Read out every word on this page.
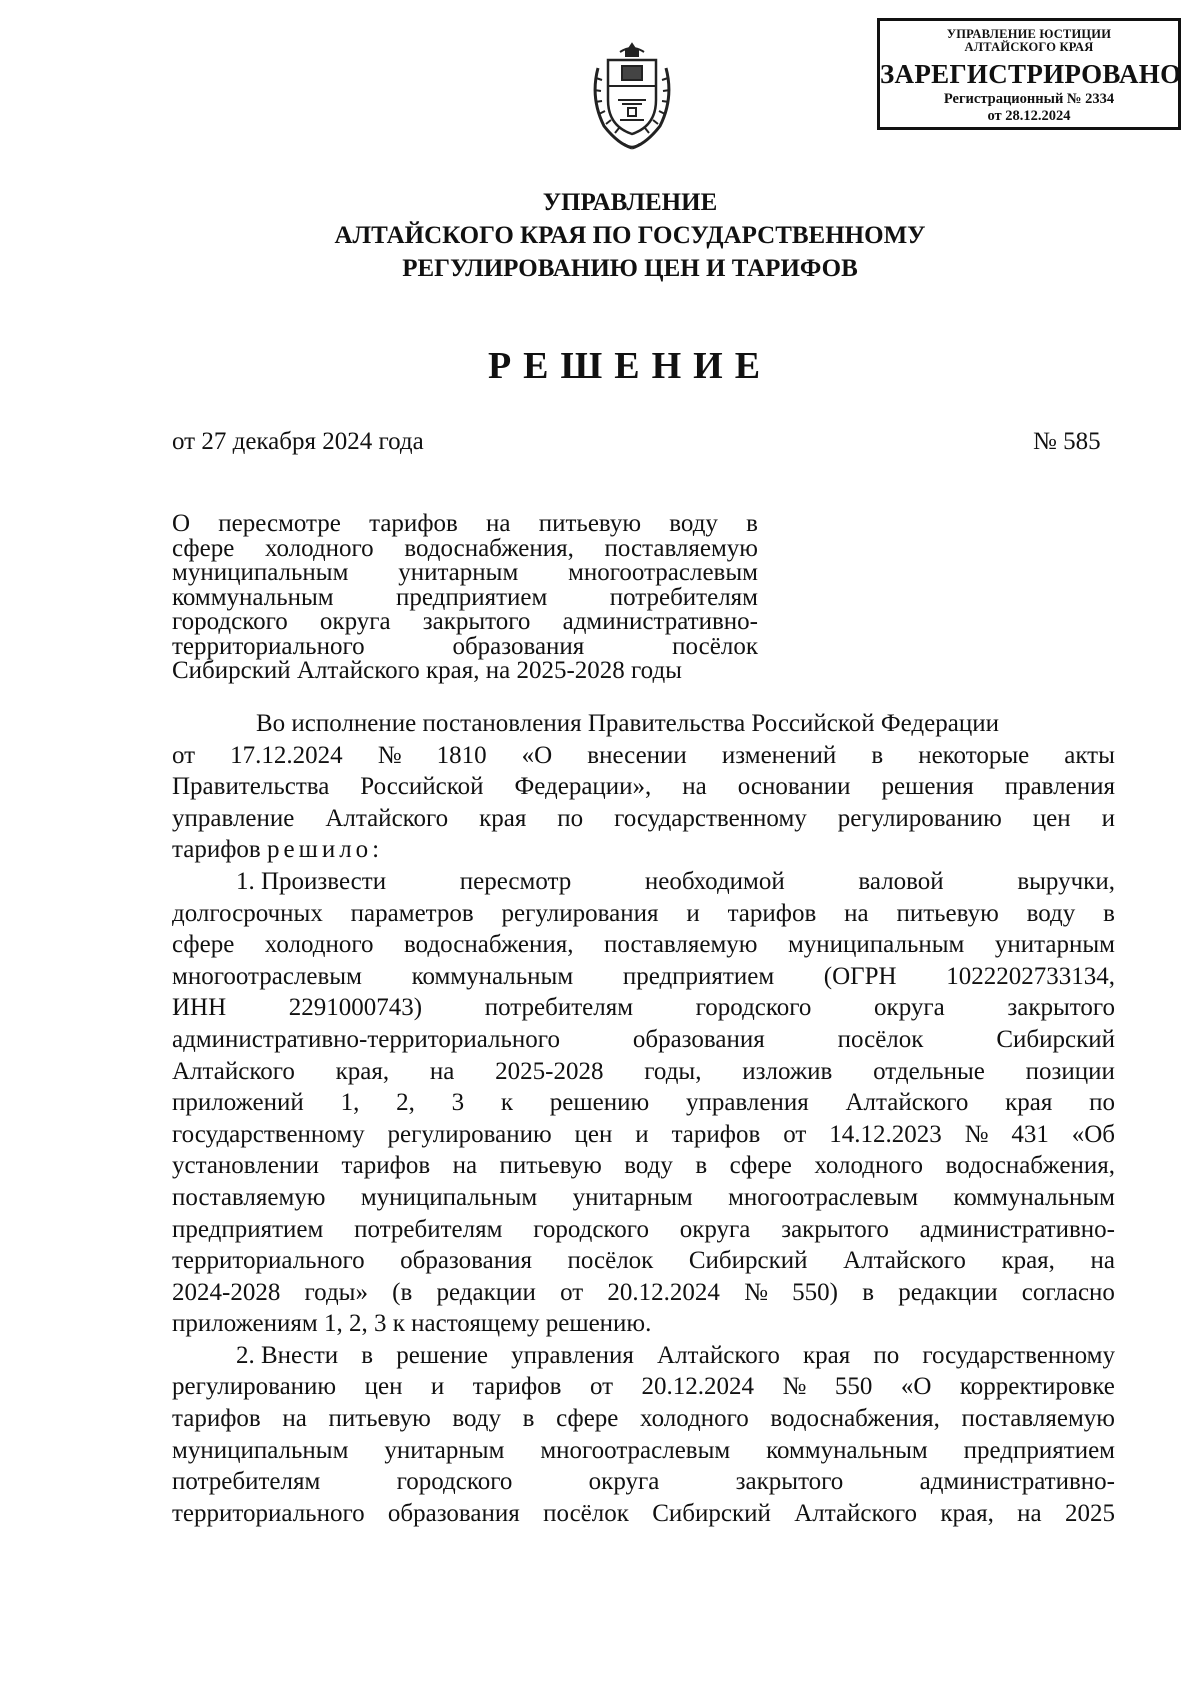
УПРАВЛЕНИЕ ЮСТИЦИИ
АЛТАЙСКОГО КРАЯ
ЗАРЕГИСТРИРОВАНО
Регистрационный № 2334
от 28.12.2024
УПРАВЛЕНИЕ
АЛТАЙСКОГО КРАЯ ПО ГОСУДАРСТВЕННОМУ
РЕГУЛИРОВАНИЮ ЦЕН И ТАРИФОВ
РЕШЕНИЕ
от 27 декабря 2024 года	№ 585
О пересмотре тарифов на питьевую воду в
сфере холодного водоснабжения, поставляемую
муниципальным унитарным многоотраслевым
коммунальным предприятием потребителям
городского округа закрытого административно-
территориального	образования	посёлок
Сибирский Алтайского края, на 2025-2028 годы
Во исполнение постановления Правительства Российской Федерации
от 17.12.2024 № 1810 «О внесении изменений в некоторые акты
Правительства Российской Федерации», на основании решения правления
управление Алтайского края по государственному регулированию цен и
тарифов решило:
1. Произвести	пересмотр	необходимой	валовой	выручки,
долгосрочных параметров регулирования и тарифов на питьевую воду в
сфере холодного водоснабжения, поставляемую муниципальным унитарным
многоотраслевым коммунальным предприятием (ОГРН 1022202733134,
ИНН	2291000743)	потребителям	городского	округа	закрытого
административно-территориального	образования	посёлок	Сибирский
Алтайского края, на 2025-2028 годы, изложив отдельные позиции
приложений 1, 2, 3 к решению управления Алтайского края по
государственному регулированию цен и тарифов от 14.12.2023 № 431 «Об
установлении тарифов на питьевую воду в сфере холодного водоснабжения,
поставляемую муниципальным унитарным многоотраслевым коммунальным
предприятием потребителям городского округа закрытого административно-
территориального образования посёлок Сибирский Алтайского края, на
2024-2028 годы» (в редакции от 20.12.2024 № 550) в редакции согласно
приложениям 1, 2, 3 к настоящему решению.
2. Внести в решение управления Алтайского края по государственному
регулированию цен и тарифов от 20.12.2024 № 550 «О корректировке
тарифов на питьевую воду в сфере холодного водоснабжения, поставляемую
муниципальным унитарным многоотраслевым коммунальным предприятием
потребителям	городского	округа	закрытого	административно-
территориального образования посёлок Сибирский Алтайского края, на 2025
